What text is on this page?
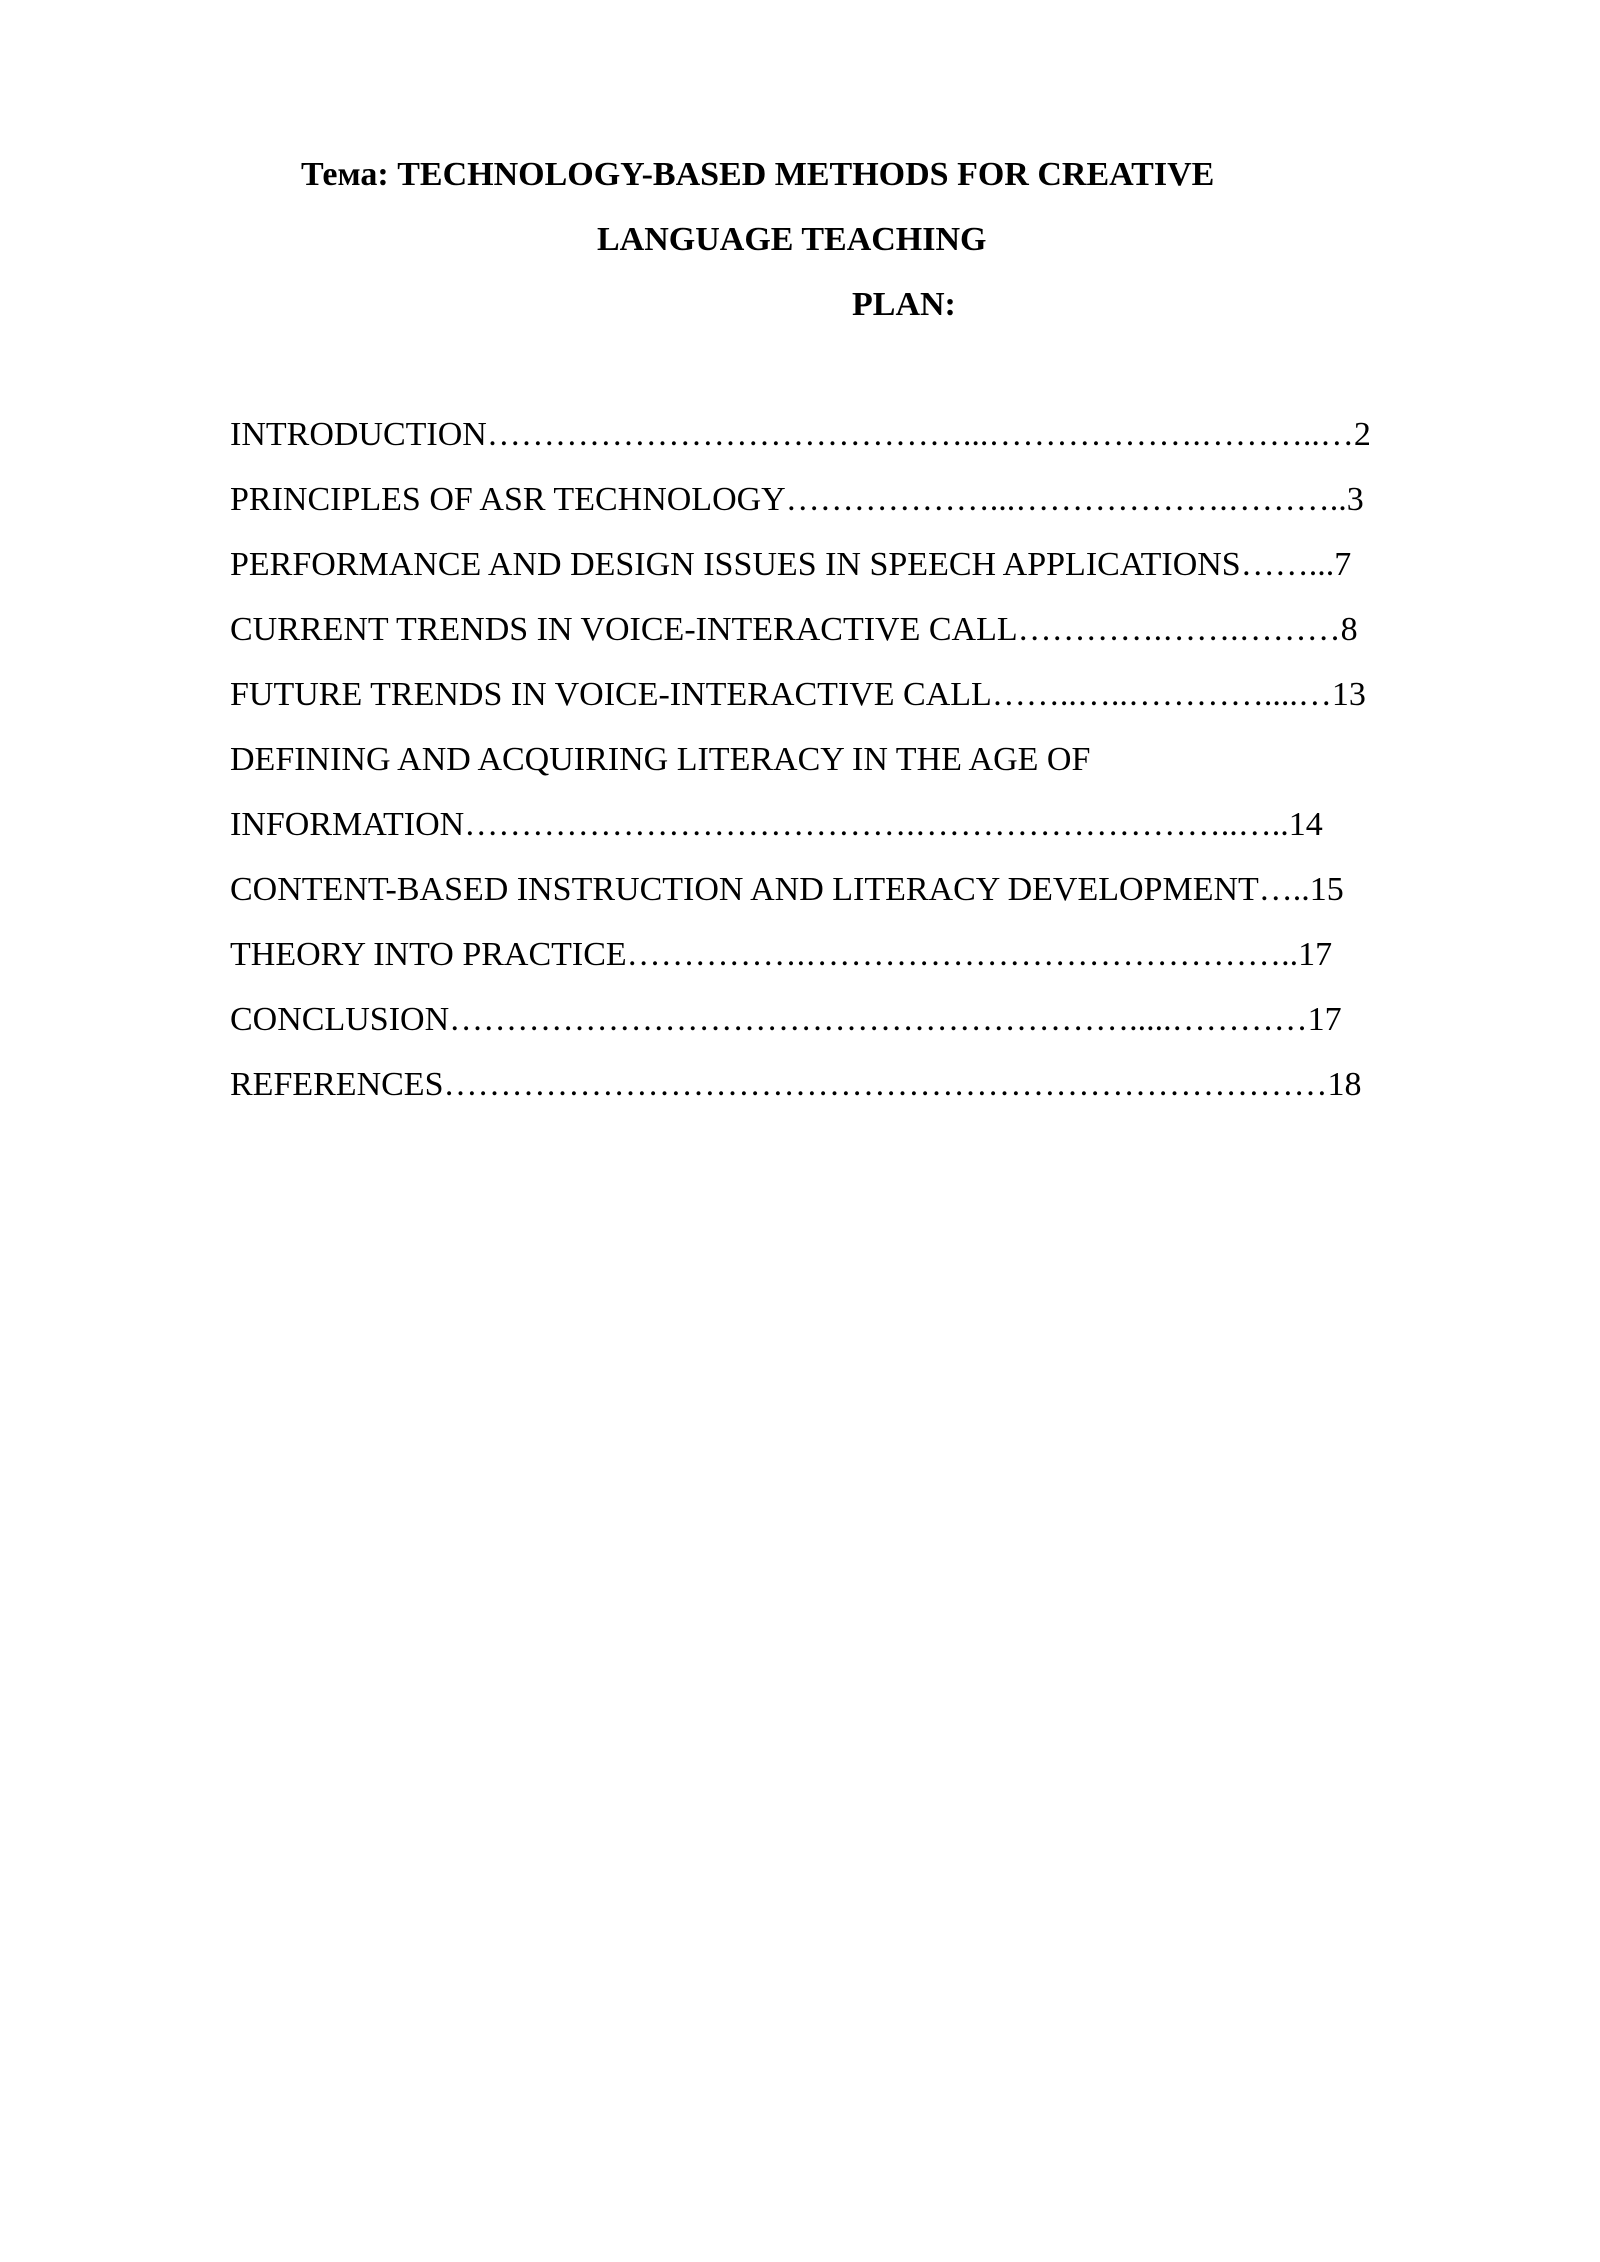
Тема: TECHNOLOGY-BASED METHODS FOR CREATIVE
LANGUAGE TEACHING
PLAN:
INTRODUCTION……………………………………...……………….………..…2
PRINCIPLES OF ASR TECHNOLOGY………………...……………….………..3
PERFORMANCE AND DESIGN ISSUES IN SPEECH APPLICATIONS……...7
CURRENT TRENDS IN VOICE-INTERACTIVE CALL………….…….………8
FUTURE TRENDS IN VOICE-INTERACTIVE CALL……..…..…………....…13
DEFINING AND ACQUIRING LITERACY IN THE AGE OF
INFORMATION………………………………….………………………..…..14
CONTENT-BASED INSTRUCTION AND LITERACY DEVELOPMENT…..15
THEORY INTO PRACTICE…………….……………………………………..17
CONCLUSION…………………………………………………….....…………17
REFERENCES……………………………………………………………………18
